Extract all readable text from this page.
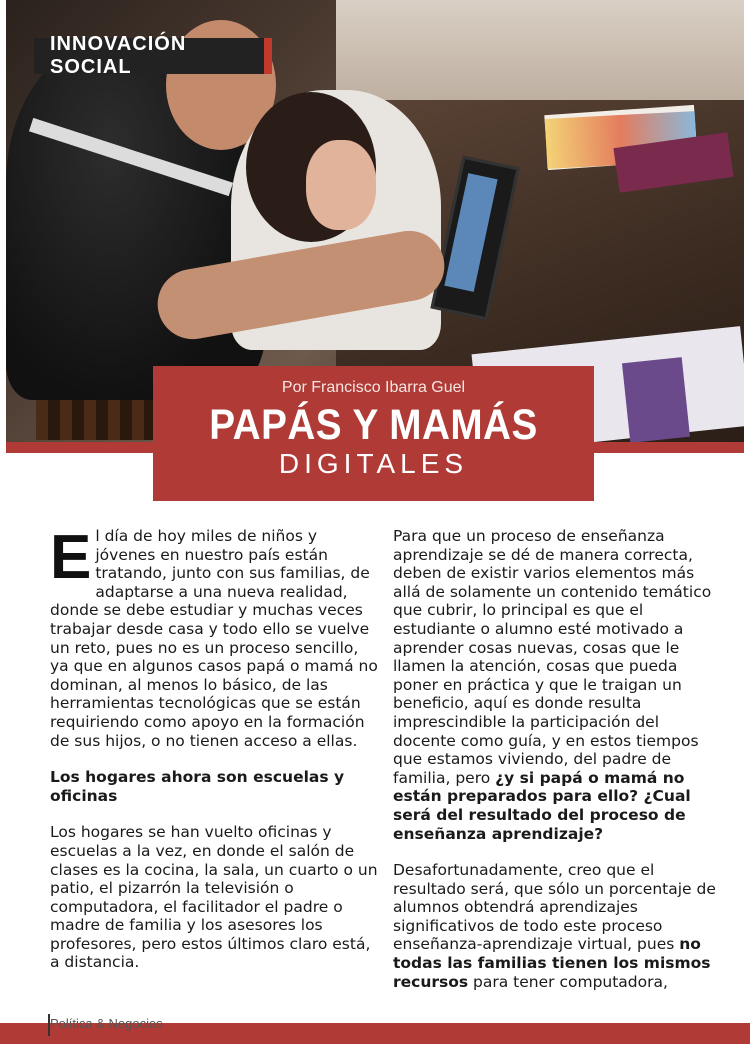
INNOVACIÓN SOCIAL
Por Francisco Ibarra Guel
PAPÁS Y MAMÁS
DIGITALES

El día de hoy miles de niños y jóvenes en nuestro país están tratando, junto con sus familias, de adaptarse a una nueva realidad, donde se debe estudiar y muchas veces trabajar desde casa y todo ello se vuelve un reto, pues no es un proceso sencillo, ya que en algunos casos papá o mamá no dominan, al menos lo básico, de las herramientas tecnológicas que se están requiriendo como apoyo en la formación de sus hijos, o no tienen acceso a ellas.

Los hogares ahora son escuelas y oficinas

Los hogares se han vuelto oficinas y escuelas a la vez, en donde el salón de clases es la cocina, la sala, un cuarto o un patio, el pizarrón la televisión o computadora, el facilitador el padre o madre de familia y los asesores los profesores, pero estos últimos claro está, a distancia.

Para que un proceso de enseñanza aprendizaje se dé de manera correcta, deben de existir varios elementos más allá de solamente un contenido temático que cubrir, lo principal es que el estudiante o alumno esté motivado a aprender cosas nuevas, cosas que le llamen la atención, cosas que pueda poner en práctica y que le traigan un beneficio, aquí es donde resulta imprescindible la participación del docente como guía, y en estos tiempos que estamos viviendo, del padre de familia, pero ¿y si papá o mamá no están preparados para ello? ¿Cual será del resultado del proceso de enseñanza aprendizaje?

Desafortunadamente, creo que el resultado será, que sólo un porcentaje de alumnos obtendrá aprendizajes significativos de todo este proceso enseñanza-aprendizaje virtual, pues no todas las familias tienen los mismos recursos para tener computadora,

Política & Negocios
